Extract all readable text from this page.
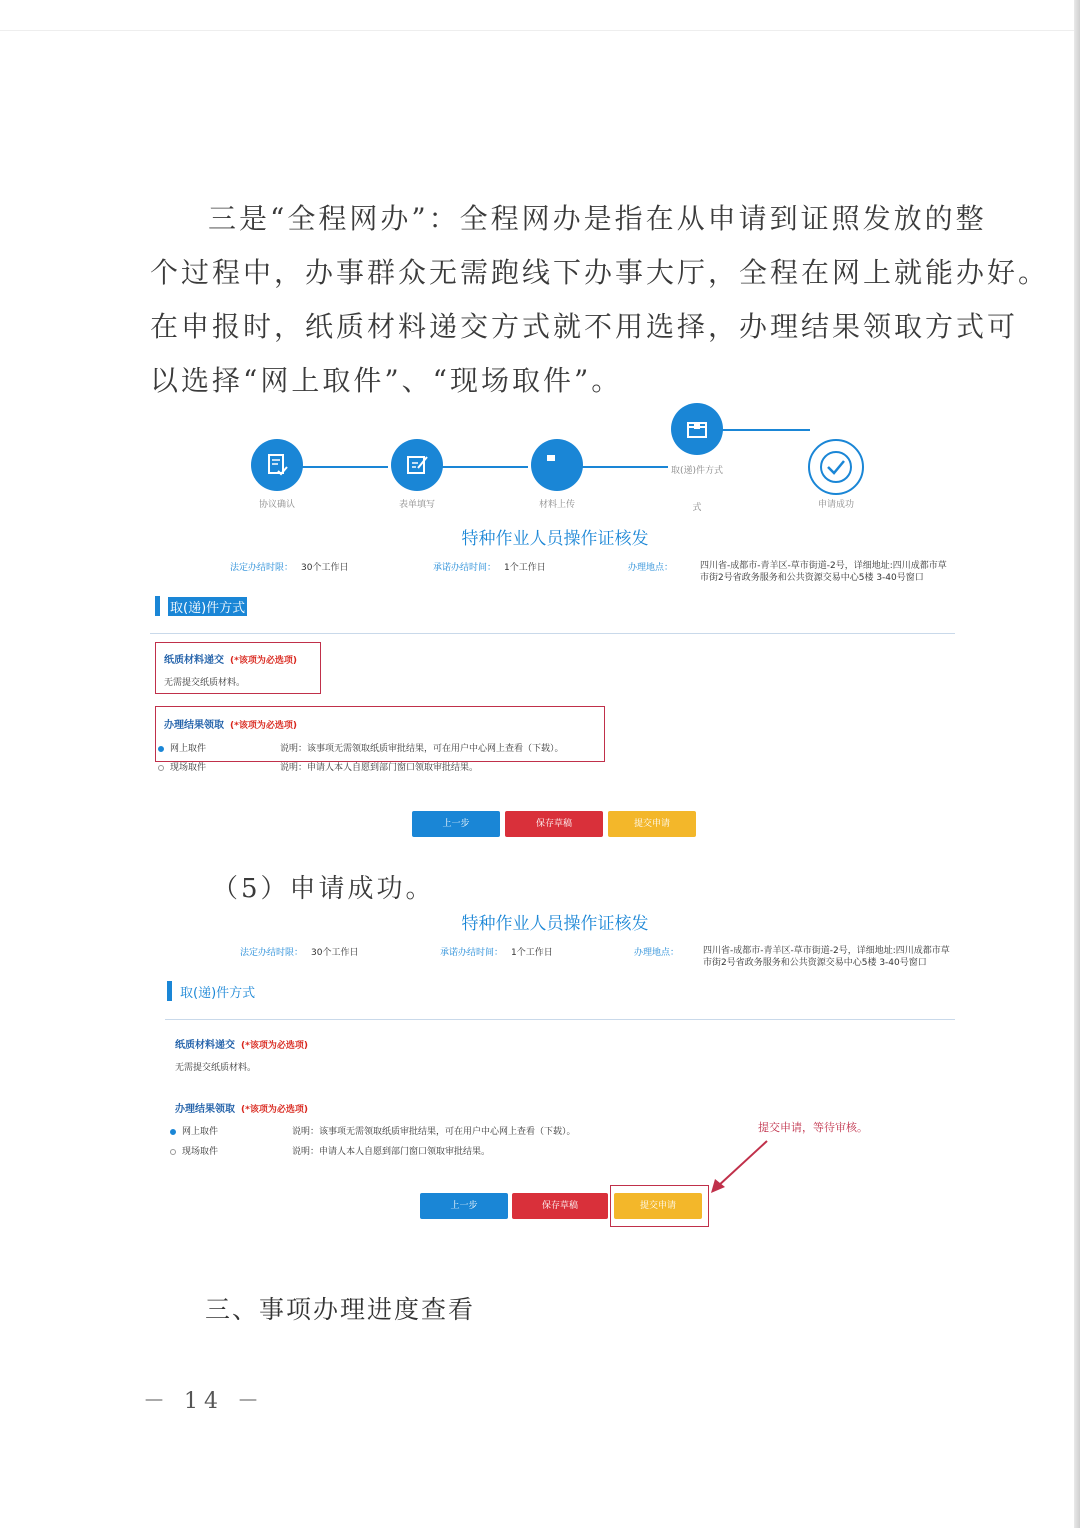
三是“全程网办”：全程网办是指在从申请到证照发放的整
个过程中，办事群众无需跑线下办事大厅，全程在网上就能办好。
在申报时，纸质材料递交方式就不用选择，办理结果领取方式可
以选择“网上取件”、“现场取件”。
协议确认	表单填写	材料上传
取(递)件方式
式	申请成功
特种作业人员操作证核发
法定办结时限： 30个工作日	承诺办结时间： 1个工作日	办理地点：	四川省-成都市-青羊区-草市街道-2号，详细地址:四川成都市草市街2号省政务服务和公共资源交易中心5楼 3-40号窗口
取(递)件方式
纸质材料递交 (*该项为必选项)
无需提交纸质材料。
办理结果领取 (*该项为必选项)
网上取件	说明：该事项无需领取纸质审批结果，可在用户中心网上查看（下载）。
现场取件	说明：申请人本人自愿到部门窗口领取审批结果。
上一步	保存草稿	提交申请
（5）申请成功。
特种作业人员操作证核发
法定办结时限： 30个工作日	承诺办结时间： 1个工作日	办理地点：	四川省-成都市-青羊区-草市街道-2号，详细地址:四川成都市草市街2号省政务服务和公共资源交易中心5楼 3-40号窗口
取(递)件方式
纸质材料递交 (*该项为必选项)
无需提交纸质材料。
办理结果领取 (*该项为必选项)
网上取件	说明：该事项无需领取纸质审批结果，可在用户中心网上查看（下载）。
现场取件	说明：申请人本人自愿到部门窗口领取审批结果。
提交申请，等待审核。
上一步	保存草稿	提交申请
三、事项办理进度查看
－ 14 －
